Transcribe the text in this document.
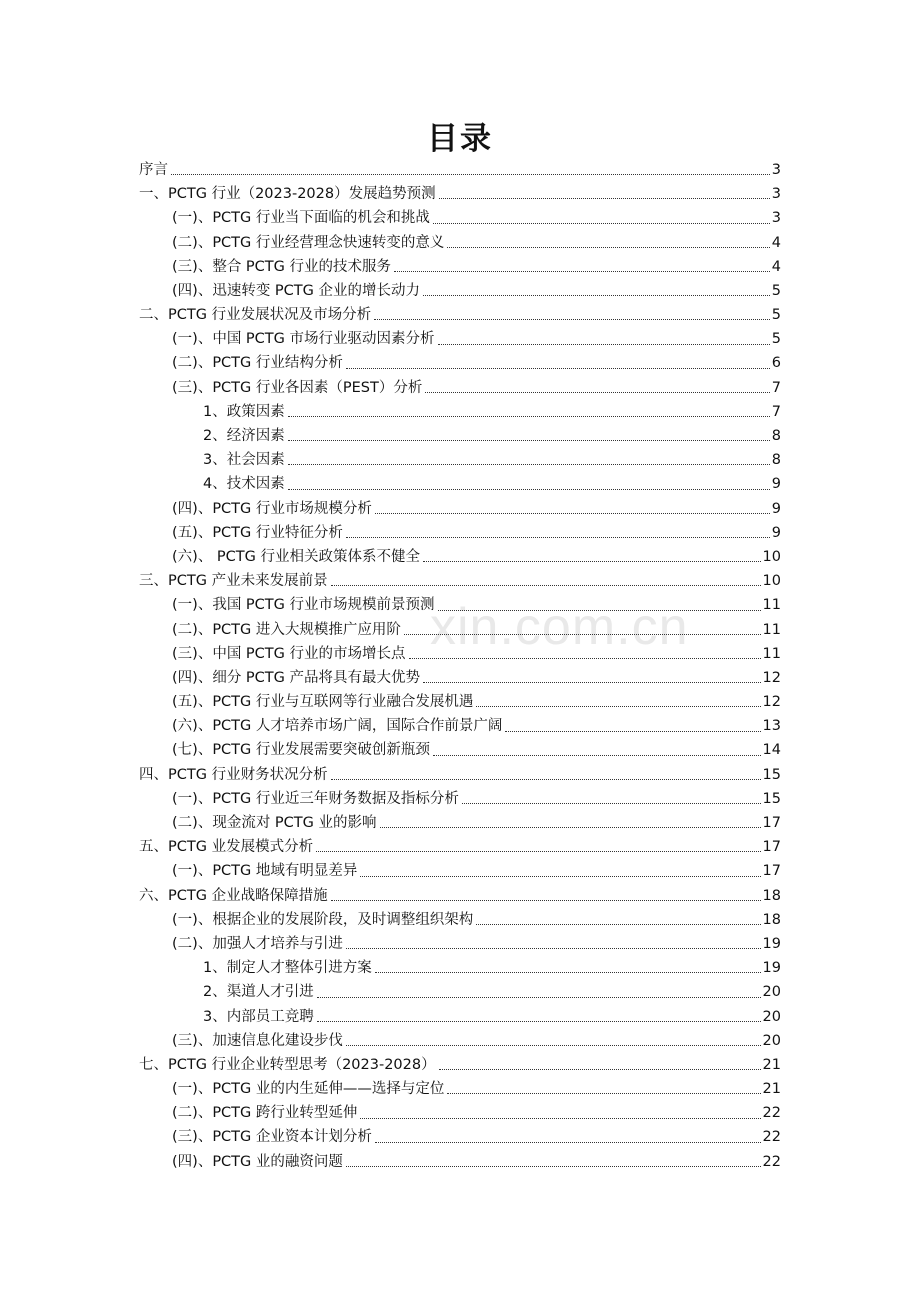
xin.com.cn
目录
序言	3
一、PCTG 行业（2023-2028）发展趋势预测	3
(一)、PCTG 行业当下面临的机会和挑战	3
(二)、PCTG 行业经营理念快速转变的意义	4
(三)、整合 PCTG 行业的技术服务	4
(四)、迅速转变 PCTG 企业的增长动力	5
二、PCTG 行业发展状况及市场分析	5
(一)、中国 PCTG 市场行业驱动因素分析	5
(二)、PCTG 行业结构分析	6
(三)、PCTG 行业各因素（PEST）分析	7
1、政策因素	7
2、经济因素	8
3、社会因素	8
4、技术因素	9
(四)、PCTG 行业市场规模分析	9
(五)、PCTG 行业特征分析	9
(六)、 PCTG 行业相关政策体系不健全	10
三、PCTG 产业未来发展前景	10
(一)、我国 PCTG 行业市场规模前景预测	11
(二)、PCTG 进入大规模推广应用阶	11
(三)、中国 PCTG 行业的市场增长点	11
(四)、细分 PCTG 产品将具有最大优势	12
(五)、PCTG 行业与互联网等行业融合发展机遇	12
(六)、PCTG 人才培养市场广阔，国际合作前景广阔	13
(七)、PCTG 行业发展需要突破创新瓶颈	14
四、PCTG 行业财务状况分析	15
(一)、PCTG 行业近三年财务数据及指标分析	15
(二)、现金流对 PCTG 业的影响	17
五、PCTG 业发展模式分析	17
(一)、PCTG 地域有明显差异	17
六、PCTG 企业战略保障措施	18
(一)、根据企业的发展阶段，及时调整组织架构	18
(二)、加强人才培养与引进	19
1、制定人才整体引进方案	19
2、渠道人才引进	20
3、内部员工竞聘	20
(三)、加速信息化建设步伐	20
七、PCTG 行业企业转型思考（2023-2028）	21
(一)、PCTG 业的内生延伸——选择与定位	21
(二)、PCTG 跨行业转型延伸	22
(三)、PCTG 企业资本计划分析	22
(四)、PCTG 业的融资问题	22
